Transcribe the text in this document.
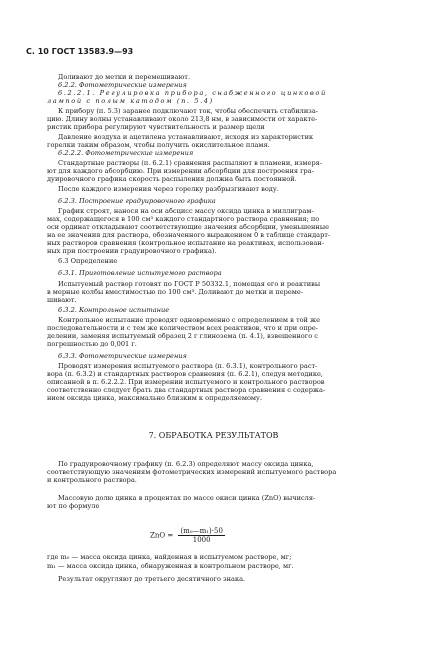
С. 10 ГОСТ 13583.9—93
Доливают до метки и перемешивают.
6.2.2. Фотометрические измерения
6.2.2.1. Регулировка прибора, снабженного цинковой
лампой с полым катодом (п. 5.4)
К прибору (п. 5.3) заранее подключают ток, чтобы обеспечить стабилиза-
цию. Длину волны устанавливают около 213,8 нм, в зависимости от характе-
ристик прибора регулируют чувствительность и размер щели
Давление воздуха и ацетилена устанавливают, исходя из характеристик
горелки таким образом, чтобы получить окислительное пламя.
6.2.2.2. Фотометрические измерения
Стандартные растворы (п. 6.2.1) сравнения распыляют в пламени, измеря-
ют для каждого абсорбцию. При измерении абсорбции для построения гра-
дуировочного графика скорость распыления должна быть постоянной.
После каждого измерения через горелку разбрызгивают воду.
6.2.3. Построение градуировочного графика
График строят, нанося на оси абсцисс массу оксида цинка в миллиграм-
мах, содержащегося в 100 см³ каждого стандартного раствора сравнения; по
оси ординат откладывают соответствующие значения абсорбции, уменьшенные
на ее значения для раствора, обозначенного выражением 0 в таблице стандарт-
ных растворов сравнения (контрольное испытание на реактивах, использован-
ных при построении градуировочного графика).
6.3 Определение
6.3.1. Приготовление испытуемого раствора
Испытуемый раствор готовят по ГОСТ Р 50332.1, помещая его и реактивы
в мерные колбы вместимостью по 100 см³. Доливают до метки и переме-
шивают.
6.3.2. Контрольное испытание
Контрольное испытание проводят одновременно с определением в той же
последовательности и с тем же количеством всех реактивов, что и при опре-
делении, заменяя испытуемый образец 2 г глинозема (п. 4.1), взвешенного с
погрешностью до 0,001 г.
6.3.3. Фотометрические измерения
Проводят измерения испытуемого раствора (п. 6.3.1), контрольного раст-
вора (п. 6.3.2) и стандартных растворов сравнения (п. 6.2.1), следуя методике,
описанной в п. 6.2.2.2. При измерении испытуемого и контрольного растворов
соответственно следует брать два стандартных раствора сравнения с содержа-
нием оксида цинка, максимально близким к определяемому.
По градуировочному графику (п. 6.2.3) определяют массу оксида цинка,
соответствующую значениям фотометрических измерений испытуемого раствора
и контрольного раствора.
Массовую долю цинка в процентах по массе окиси цинка (ZnO) вычисля-
ют по формуле
где m₀ — масса оксида цинка, найденная в испытуемом растворе, мг;
m₁ — масса оксида цинка, обнаруженная в контрольном растворе, мг.
Результат округляют до третьего десятичного знака.
7. ОБРАБОТКА РЕЗУЛЬТАТОВ
ZnO = $\frac{\text{(m₀—m₁)·50}}{1000}$
